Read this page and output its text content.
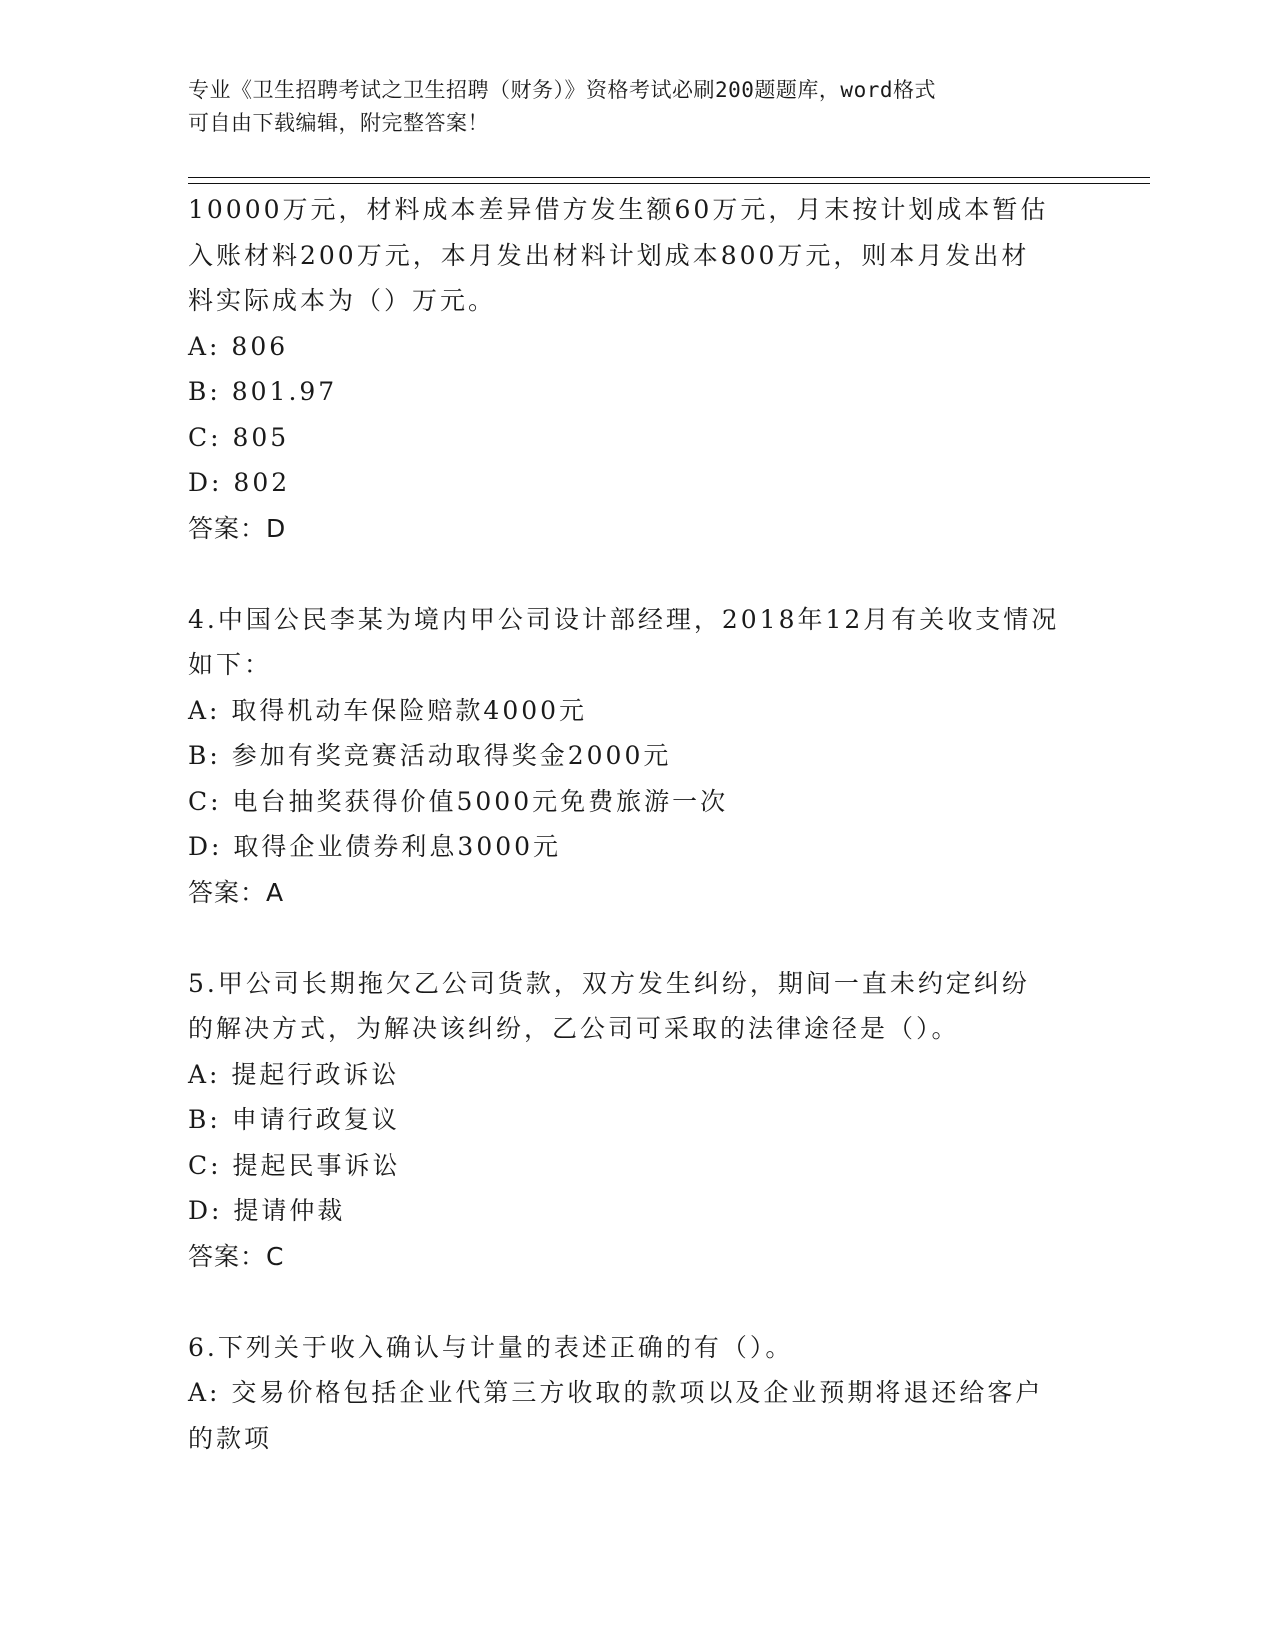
专业《卫生招聘考试之卫生招聘（财务）》资格考试必刷200题题库，word格式
可自由下载编辑，附完整答案！
10000万元，材料成本差异借方发生额60万元，月末按计划成本暂估
入账材料200万元，本月发出材料计划成本800万元，则本月发出材
料实际成本为（）万元。
A: 806
B: 801.97
C: 805
D: 802
答案：D
4.中国公民李某为境内甲公司设计部经理，2018年12月有关收支情况
如下：
A: 取得机动车保险赔款4000元
B: 参加有奖竞赛活动取得奖金2000元
C: 电台抽奖获得价值5000元免费旅游一次
D: 取得企业债券利息3000元
答案：A
5.甲公司长期拖欠乙公司货款，双方发生纠纷，期间一直未约定纠纷
的解决方式，为解决该纠纷，乙公司可采取的法律途径是（）。
A: 提起行政诉讼
B: 申请行政复议
C: 提起民事诉讼
D: 提请仲裁
答案：C
6.下列关于收入确认与计量的表述正确的有（）。
A: 交易价格包括企业代第三方收取的款项以及企业预期将退还给客户
的款项
